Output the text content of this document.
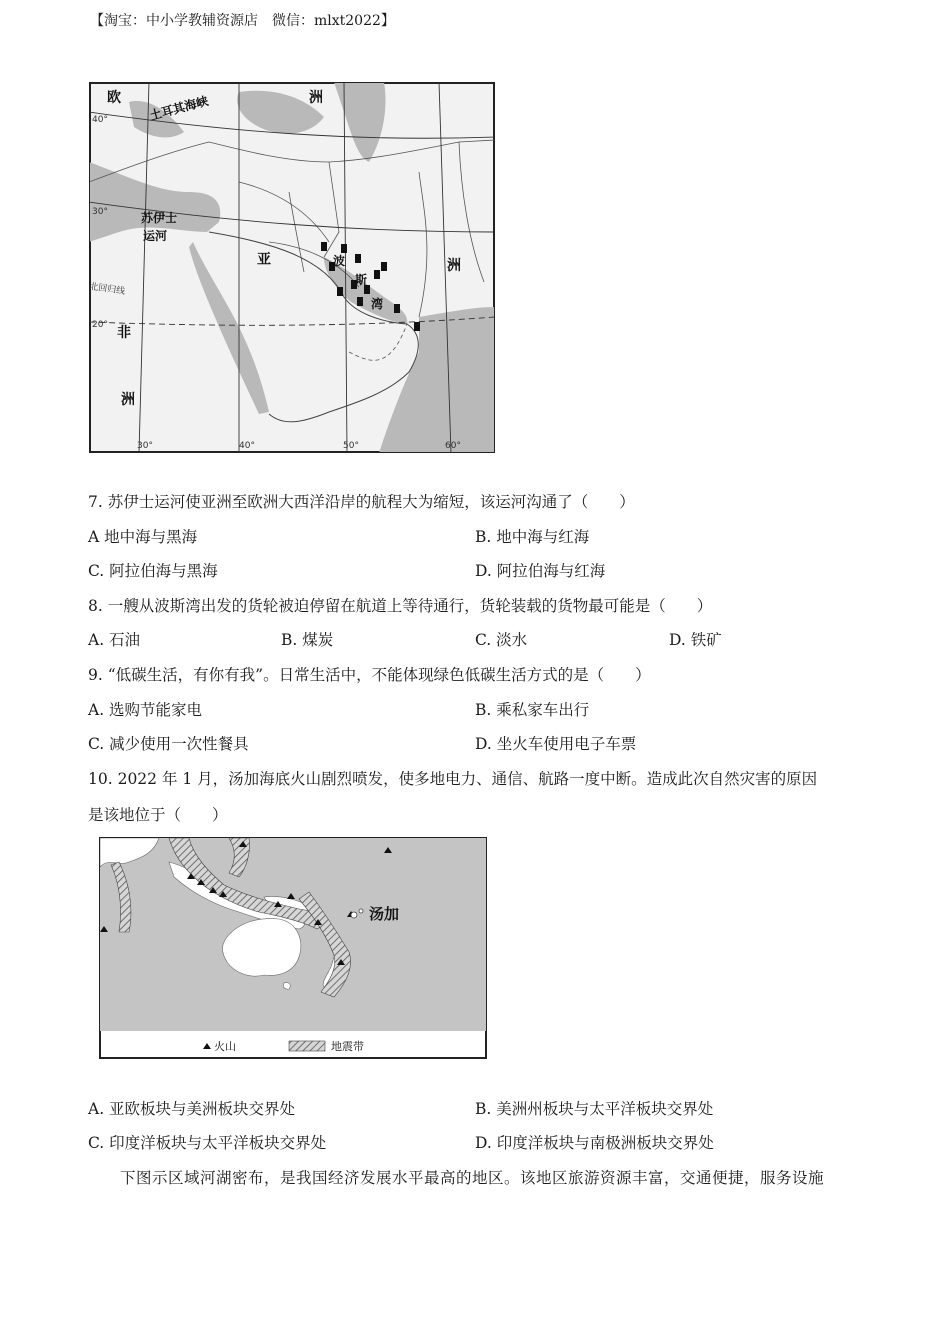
【淘宝：中小学教辅资源店　微信：mlxt2022】
欧 土耳其海峡	洲
苏伊士
运河
亚	洲
波
斯
湾
非
洲
北回归线
40°
30°
20°
30°	40°	50°	60°
7. 苏伊士运河使亚洲至欧洲大西洋沿岸的航程大为缩短，该运河沟通了（　　）
A 地中海与黑海	B. 地中海与红海
C. 阿拉伯海与黑海	D. 阿拉伯海与红海
8. 一艘从波斯湾出发的货轮被迫停留在航道上等待通行，货轮装载的货物最可能是（　　）
A. 石油	B. 煤炭	C. 淡水	D. 铁矿
9. “低碳生活，有你有我”。日常生活中，不能体现绿色低碳生活方式的是（　　）
A. 选购节能家电	B. 乘私家车出行
C. 减少使用一次性餐具	D. 坐火车使用电子车票
10. 2022 年 1 月，汤加海底火山剧烈喷发，使多地电力、通信、航路一度中断。造成此次自然灾害的原因
是该地位于（　　）
汤加
火山	地震带
A. 亚欧板块与美洲板块交界处	B. 美洲州板块与太平洋板块交界处
C. 印度洋板块与太平洋板块交界处	D. 印度洋板块与南极洲板块交界处
下图示区域河湖密布，是我国经济发展水平最高的地区。该地区旅游资源丰富，交通便捷，服务设施
